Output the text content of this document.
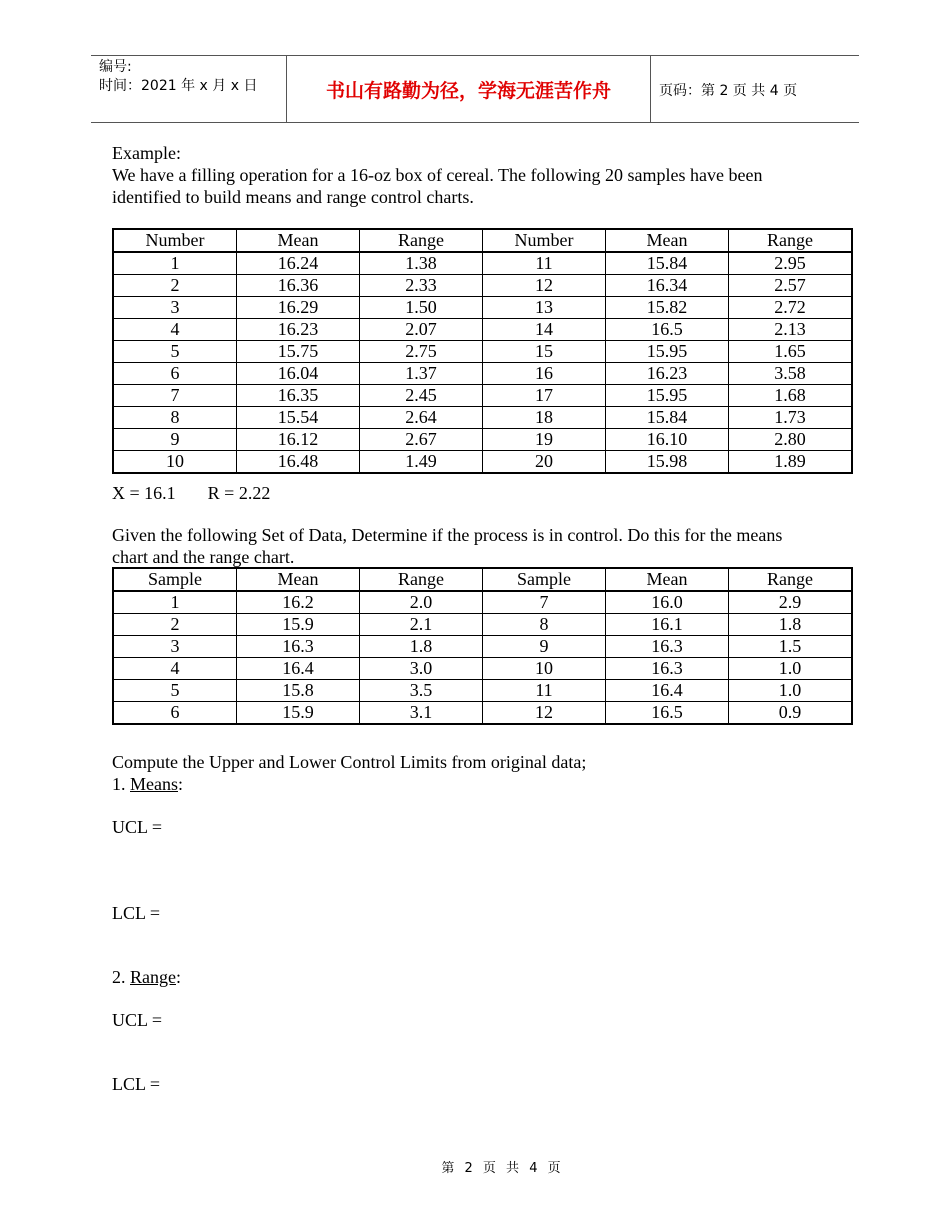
编号:
时间：2021 年 x 月 x 日	书山有路勤为径，学海无涯苦作舟	页码：第 2 页 共 4 页
Example:
We have a filling operation for a 16-oz box of cereal. The following 20 samples have been
identified to build means and range control charts.
Number	Mean	Range	Number	Mean	Range
1	16.24	1.38	11	15.84	2.95
2	16.36	2.33	12	16.34	2.57
3	16.29	1.50	13	15.82	2.72
4	16.23	2.07	14	16.5	2.13
5	15.75	2.75	15	15.95	1.65
6	16.04	1.37	16	16.23	3.58
7	16.35	2.45	17	15.95	1.68
8	15.54	2.64	18	15.84	1.73
9	16.12	2.67	19	16.10	2.80
10	16.48	1.49	20	15.98	1.89
X = 16.1 R = 2.22
Given the following Set of Data, Determine if the process is in control. Do this for the means
chart and the range chart.
Sample	Mean	Range	Sample	Mean	Range
1	16.2	2.0	7	16.0	2.9
2	15.9	2.1	8	16.1	1.8
3	16.3	1.8	9	16.3	1.5
4	16.4	3.0	10	16.3	1.0
5	15.8	3.5	11	16.4	1.0
6	15.9	3.1	12	16.5	0.9
Compute the Upper and Lower Control Limits from original data;
1. Means:
UCL =
LCL =
2. Range:
UCL =
LCL =
第 2 页 共 4 页
